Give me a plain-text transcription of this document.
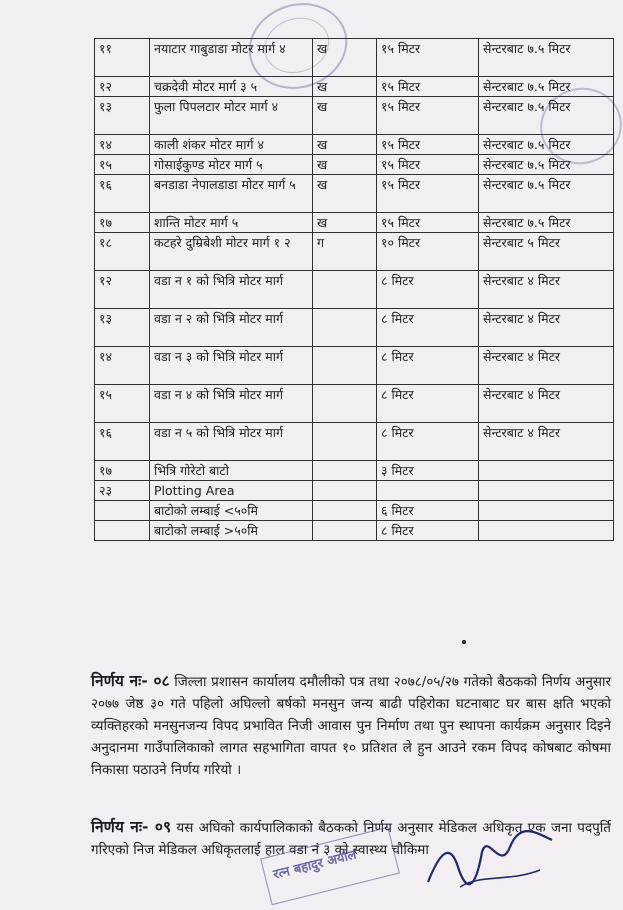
११	नयाटार गाबुडाडा मोटर मार्ग ४	ख	१५ मिटर	सेन्टरबाट ७.५ मिटर
१२	चक्रदेवी मोटर मार्ग ३ ५	ख	१५ मिटर	सेन्टरबाट ७.५ मिटर
१३	फुला पिपलटार मोटर मार्ग ४	ख	१५ मिटर	सेन्टरबाट ७.५ मिटर
१४	काली शंकर मोटर मार्ग ४	ख	१५ मिटर	सेन्टरबाट ७.५ मिटर
१५	गोसाईकुण्ड मोटर मार्ग ५	ख	१५ मिटर	सेन्टरबाट ७.५ मिटर
१६	बनडाडा नेपालडाडा मोटर मार्ग ५	ख	१५ मिटर	सेन्टरबाट ७.५ मिटर
१७	शान्ति मोटर मार्ग ५	ख	१५ मिटर	सेन्टरबाट ७.५ मिटर
१८	कटहरे दुम्रिबेशी मोटर मार्ग १ २	ग	१० मिटर	सेन्टरबाट ५ मिटर
१२	वडा न १ को भित्रि मोटर मार्ग		८ मिटर	सेन्टरबाट ४ मिटर
१३	वडा न २ को भित्रि मोटर मार्ग		८ मिटर	सेन्टरबाट ४ मिटर
१४	वडा न ३ को भित्रि मोटर मार्ग		८ मिटर	सेन्टरबाट ४ मिटर
१५	वडा न ४ को भित्रि मोटर मार्ग		८ मिटर	सेन्टरबाट ४ मिटर
१६	वडा न ५ को भित्रि मोटर मार्ग		८ मिटर	सेन्टरबाट ४ मिटर
१७	भित्रि गोरेटो बाटो		३ मिटर	
२३	Plotting Area			
	बाटोको लम्बाई <५०मि		६ मिटर	
	बाटोको लम्बाई >५०मि		८ मिटर	

निर्णय नः- ०८ जिल्ला प्रशासन कार्यालय दमौलीको पत्र तथा २०७८/०५/२७ गतेको बैठकको निर्णय अनुसार २०७७ जेष्ठ ३० गते पहिलो अघिल्लो बर्षको मनसुन जन्य बाढी पहिरोका घटनाबाट घर बास क्षति भएको व्यक्तिहरको मनसुनजन्य विपद प्रभावित निजी आवास पुन निर्माण तथा पुन स्थापना कार्यक्रम अनुसार दिइने अनुदानमा गाउँपालिकाको लागत सहभागिता वापत १० प्रतिशत ले हुन आउने रकम विपद कोषबाट कोषमा निकासा पठाउने निर्णय गरियो ।

निर्णय नः- ०९ यस अघिको कार्यपालिकाको बैठकको निर्णय अनुसार मेडिकल अधिकृत एक जना पदपुर्ति गरिएको निज मेडिकल अधिकृतलाई हाल वडा नं ३ को स्वास्थ्य चौकिमा

रत्न बहादुर अर्याल
